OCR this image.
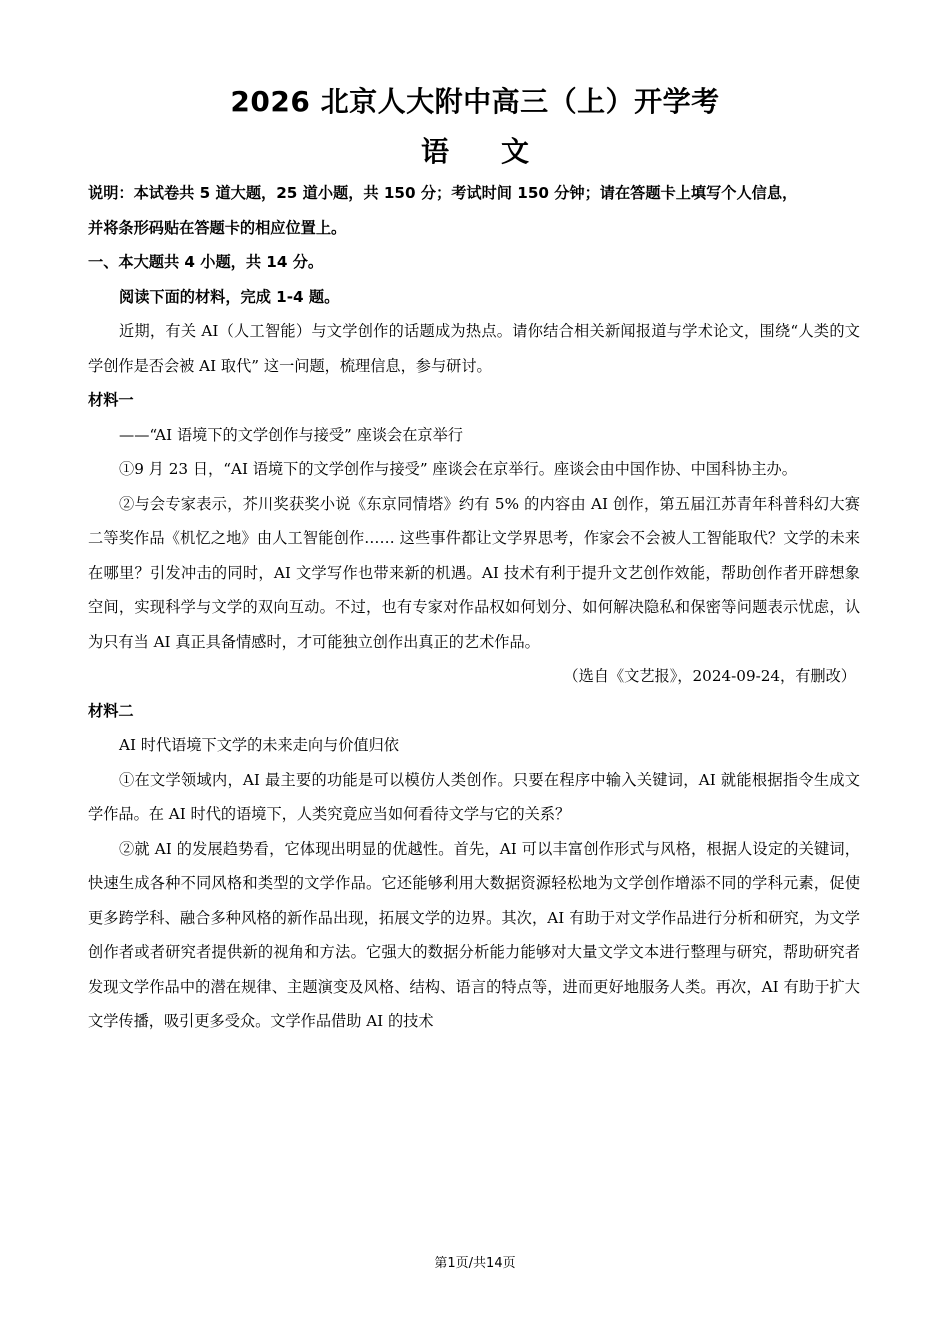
2026 北京人大附中高三（上）开学考
语 文

说明：本试卷共 5 道大题，25 道小题，共 150 分；考试时间 150 分钟；请在答题卡上填写个人信息，

并将条形码贴在答题卡的相应位置上。

一、本大题共 4 小题，共 14 分。

阅读下面的材料，完成 1-4 题。

近期，有关 AI（人工智能）与文学创作的话题成为热点。请你结合相关新闻报道与学术论文，围绕“人类的文学创作是否会被 AI 取代” 这一问题，梳理信息，参与研讨。

材料一

——“AI 语境下的文学创作与接受” 座谈会在京举行

①9 月 23 日，“AI 语境下的文学创作与接受” 座谈会在京举行。座谈会由中国作协、中国科协主办。

②与会专家表示，芥川奖获奖小说《东京同情塔》约有 5% 的内容由 AI 创作，第五届江苏青年科普科幻大赛二等奖作品《机忆之地》由人工智能创作…… 这些事件都让文学界思考，作家会不会被人工智能取代？文学的未来在哪里？引发冲击的同时，AI 文学写作也带来新的机遇。AI 技术有利于提升文艺创作效能，帮助创作者开辟想象空间，实现科学与文学的双向互动。不过，也有专家对作品权如何划分、如何解决隐私和保密等问题表示忧虑，认为只有当 AI 真正具备情感时，才可能独立创作出真正的艺术作品。

（选自《文艺报》，2024-09-24，有删改）

材料二

AI 时代语境下文学的未来走向与价值归依

①在文学领域内，AI 最主要的功能是可以模仿人类创作。只要在程序中输入关键词，AI 就能根据指令生成文学作品。在 AI 时代的语境下，人类究竟应当如何看待文学与它的关系？

②就 AI 的发展趋势看，它体现出明显的优越性。首先，AI 可以丰富创作形式与风格，根据人设定的关键词，快速生成各种不同风格和类型的文学作品。它还能够利用大数据资源轻松地为文学创作增添不同的学科元素，促使更多跨学科、融合多种风格的新作品出现，拓展文学的边界。其次，AI 有助于对文学作品进行分析和研究，为文学创作者或者研究者提供新的视角和方法。它强大的数据分析能力能够对大量文学文本进行整理与研究，帮助研究者发现文学作品中的潜在规律、主题演变及风格、结构、语言的特点等，进而更好地服务人类。再次，AI 有助于扩大文学传播，吸引更多受众。文学作品借助 AI 的技术

第1页/共14页
